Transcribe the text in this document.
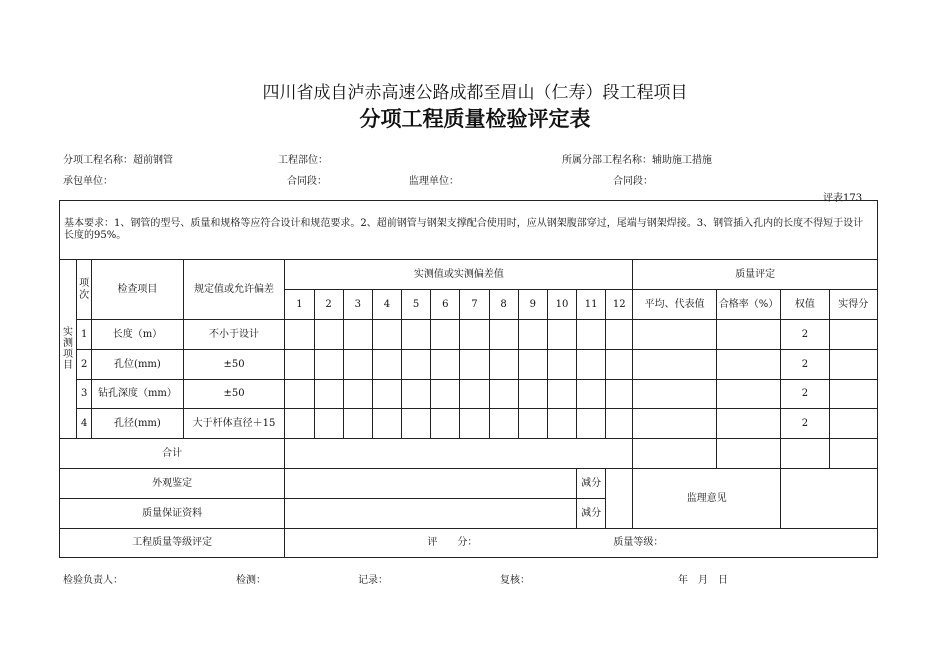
四川省成自泸赤高速公路成都至眉山（仁寿）段工程项目
分项工程质量检验评定表
分项工程名称：超前钢管	工程部位：	所属分部工程名称：辅助施工措施
承包单位：	合同段：	监理单位：	合同段：
评表173
基本要求：1、钢管的型号、质量和规格等应符合设计和规范要求。2、超前钢管与钢架支撑配合使用时，应从钢架腹部穿过，尾端与钢架焊接。3、钢管插入孔内的长度不得短于设计长度的95%。																			
实测项目	项次	检查项目	规定值或允许偏差	实测值或实测偏差值												质量评定			
				1	2	3	4	5	6	7	8	9	10	11	12	平均、代表值	合格率（%）	权值	实得分
	1	长度（m）	不小于设计															2	
	2	孔位(mm)	±50															2	
	3	钻孔深度（mm）	±50															2	
	4	孔径(mm)	大于杆体直径＋15															2	
合计																			
外观鉴定														减分		监理意见			
质量保证资料														减分					
工程质量等级评定				评　　分： 质量等级：															
检验负责人：	检测：	记录：	复核：	年　月　日
